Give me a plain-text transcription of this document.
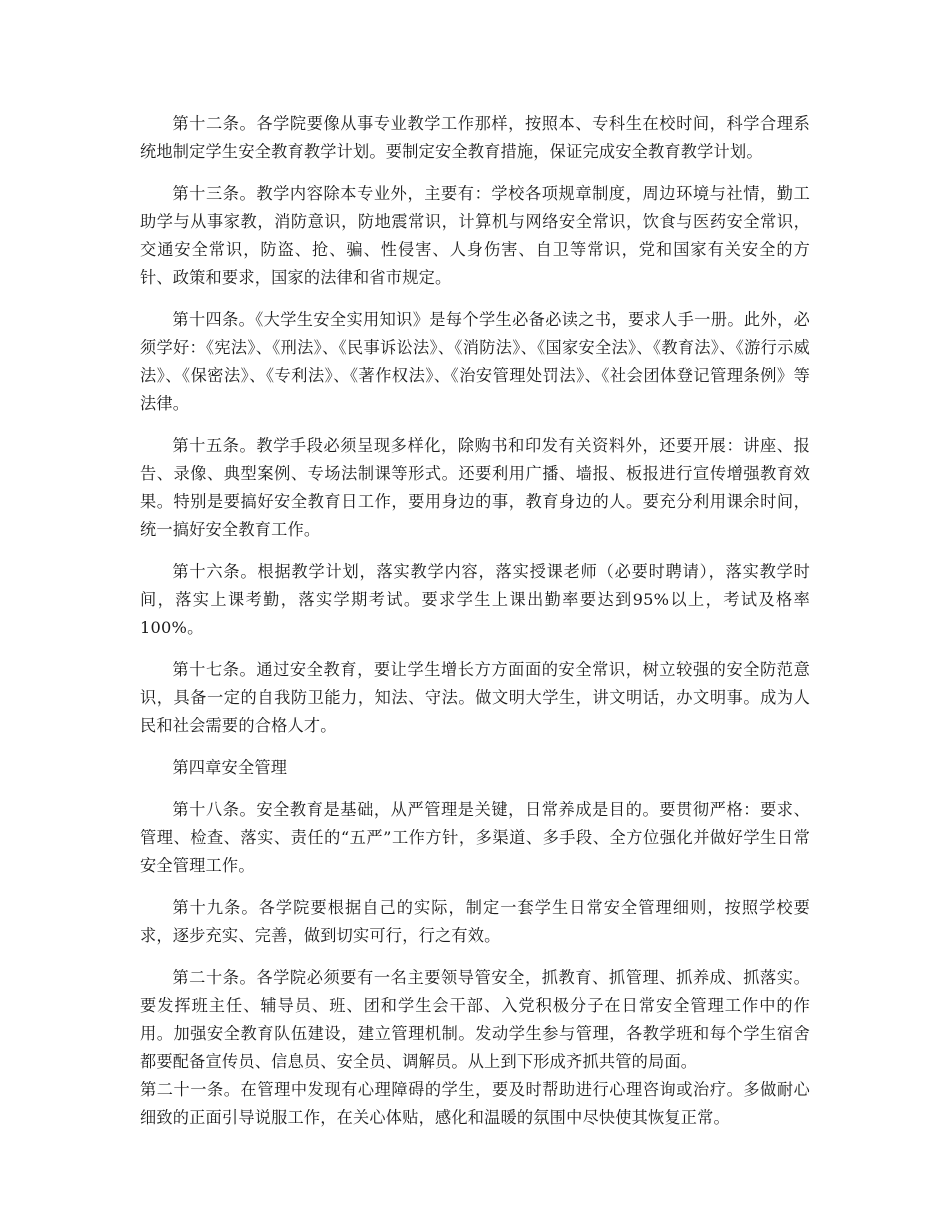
第十二条。各学院要像从事专业教学工作那样，按照本、专科生在校时间，科学合理系统地制定学生安全教育教学计划。要制定安全教育措施，保证完成安全教育教学计划。

第十三条。教学内容除本专业外，主要有：学校各项规章制度，周边环境与社情，勤工助学与从事家教，消防意识，防地震常识，计算机与网络安全常识，饮食与医药安全常识，交通安全常识，防盗、抢、骗、性侵害、人身伤害、自卫等常识，党和国家有关安全的方针、政策和要求，国家的法律和省市规定。

第十四条。《大学生安全实用知识》是每个学生必备必读之书，要求人手一册。此外，必须学好：《宪法》、《刑法》、《民事诉讼法》、《消防法》、《国家安全法》、《教育法》、《游行示威法》、《保密法》、《专利法》、《著作权法》、《治安管理处罚法》、《社会团体登记管理条例》等法律。

第十五条。教学手段必须呈现多样化，除购书和印发有关资料外，还要开展：讲座、报告、录像、典型案例、专场法制课等形式。还要利用广播、墙报、板报进行宣传增强教育效果。特别是要搞好安全教育日工作，要用身边的事，教育身边的人。要充分利用课余时间，统一搞好安全教育工作。

第十六条。根据教学计划，落实教学内容，落实授课老师（必要时聘请），落实教学时间，落实上课考勤，落实学期考试。要求学生上课出勤率要达到95%以上，考试及格率100%。

第十七条。通过安全教育，要让学生增长方方面面的安全常识，树立较强的安全防范意识，具备一定的自我防卫能力，知法、守法。做文明大学生，讲文明话，办文明事。成为人民和社会需要的合格人才。

第四章安全管理

第十八条。安全教育是基础，从严管理是关键，日常养成是目的。要贯彻严格：要求、管理、检查、落实、责任的“五严”工作方针，多渠道、多手段、全方位强化并做好学生日常安全管理工作。

第十九条。各学院要根据自己的实际，制定一套学生日常安全管理细则，按照学校要求，逐步充实、完善，做到切实可行，行之有效。

第二十条。各学院必须要有一名主要领导管安全，抓教育、抓管理、抓养成、抓落实。要发挥班主任、辅导员、班、团和学生会干部、入党积极分子在日常安全管理工作中的作用。加强安全教育队伍建设，建立管理机制。发动学生参与管理，各教学班和每个学生宿舍都要配备宣传员、信息员、安全员、调解员。从上到下形成齐抓共管的局面。

第二十一条。在管理中发现有心理障碍的学生，要及时帮助进行心理咨询或治疗。多做耐心细致的正面引导说服工作，在关心体贴，感化和温暖的氛围中尽快使其恢复正常。
